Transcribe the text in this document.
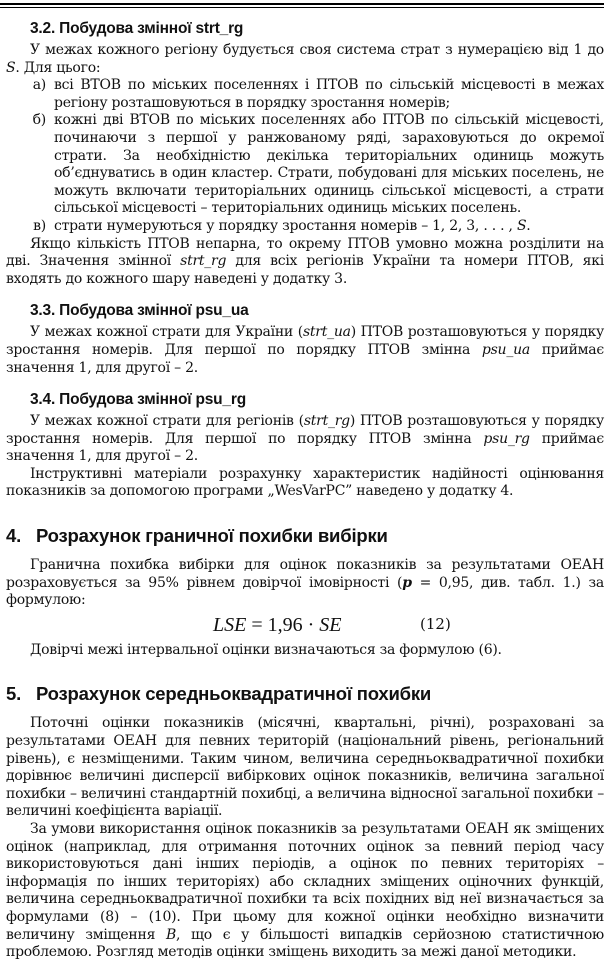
3.2. Побудова змінної strt_rg

У межах кожного регіону будується своя система страт з нумерацією від 1 до S. Для цього:

а) всі ВТОВ по міських поселеннях і ПТОВ по сільській місцевості в межах регіону розташовуються в порядку зростання номерів;
б) кожні дві ВТОВ по міських поселеннях або ПТОВ по сільській місцевості, починаючи з першої у ранжованому ряді, зараховуються до окремої страти. За необхідністю декілька територіальних одиниць можуть об’єднуватись в один кластер. Страти, побудовані для міських поселень, не можуть включати територіальних одиниць сільської місцевості, а страти сільської місцевості – територіальних одиниць міських поселень.
в) страти нумеруються у порядку зростання номерів – 1, 2, 3, . . . , S.

Якщо кількість ПТОВ непарна, то окрему ПТОВ умовно можна розділити на дві. Значення змінної strt_rg для всіх регіонів України та номери ПТОВ, які входять до кожного шару наведені у додатку 3.

3.3. Побудова змінної psu_ua

У межах кожної страти для України (strt_ua) ПТОВ розташовуються у порядку зростання номерів. Для першої по порядку ПТОВ змінна psu_ua приймає значення 1, для другої – 2.

3.4. Побудова змінної psu_rg

У межах кожної страти для регіонів (strt_rg) ПТОВ розташовуються у порядку зростання номерів. Для першої по порядку ПТОВ змінна psu_rg приймає значення 1, для другої – 2.

Інструктивні матеріали розрахунку характеристик надійності оцінювання показників за допомогою програми „WesVarPC” наведено у додатку 4.

4. Розрахунок граничної похибки вибірки

Гранична похибка вибірки для оцінок показників за результатами ОЕАН розраховується за 95% рівнем довірчої імовірності (p = 0,95, див. табл. 1.) за формулою:

LSE = 1,96 · SE	(12)

Довірчі межі інтервальної оцінки визначаються за формулою (6).

5. Розрахунок середньоквадратичної похибки

Поточні оцінки показників (місячні, квартальні, річні), розраховані за результатами ОЕАН для певних територій (національний рівень, регіональний рівень), є незміщеними. Таким чином, величина середньоквадратичної похибки дорівнює величині дисперсії вибіркових оцінок показників, величина загальної похибки – величині стандартній похибці, а величина відносної загальної похибки – величині коефіцієнта варіації.

За умови використання оцінок показників за результатами ОЕАН як зміщених оцінок (наприклад, для отримання поточних оцінок за певний період часу використовуються дані інших періодів, а оцінок по певних територіях – інформація по інших територіях) або складних зміщених оціночних функцій, величина середньоквадратичної похибки та всіх похідних від неї визначається за формулами (8) – (10). При цьому для кожної оцінки необхідно визначити величину зміщення B, що є у більшості випадків серйозною статистичною проблемою. Розгляд методів оцінки зміщень виходить за межі даної методики.
